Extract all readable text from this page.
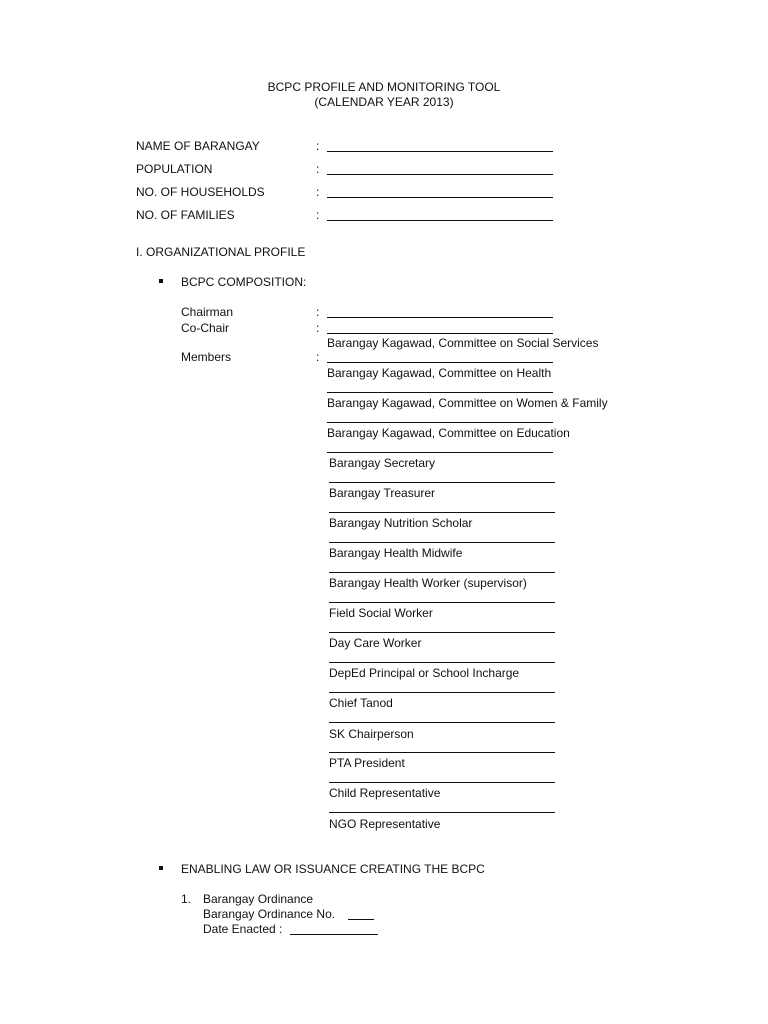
BCPC PROFILE AND MONITORING TOOL
(CALENDAR YEAR 2013)
NAME OF BARANGAY	:
POPULATION	:
NO. OF HOUSEHOLDS	:
NO. OF FAMILIES	:
I. ORGANIZATIONAL PROFILE
BCPC COMPOSITION:
Chairman	:
Co-Chair	:
Members	:
Barangay Kagawad, Committee on Social Services
Barangay Kagawad, Committee on Health
Barangay Kagawad, Committee on Women & Family
Barangay Kagawad, Committee on Education
Barangay Secretary
Barangay Treasurer
Barangay Nutrition Scholar
Barangay Health Midwife
Barangay Health Worker (supervisor)
Field Social Worker
Day Care Worker
DepEd Principal or School Incharge
Chief Tanod
SK Chairperson
PTA President
Child Representative
NGO Representative
ENABLING LAW OR ISSUANCE CREATING THE BCPC
1. Barangay Ordinance
Barangay Ordinance No.
Date Enacted :
